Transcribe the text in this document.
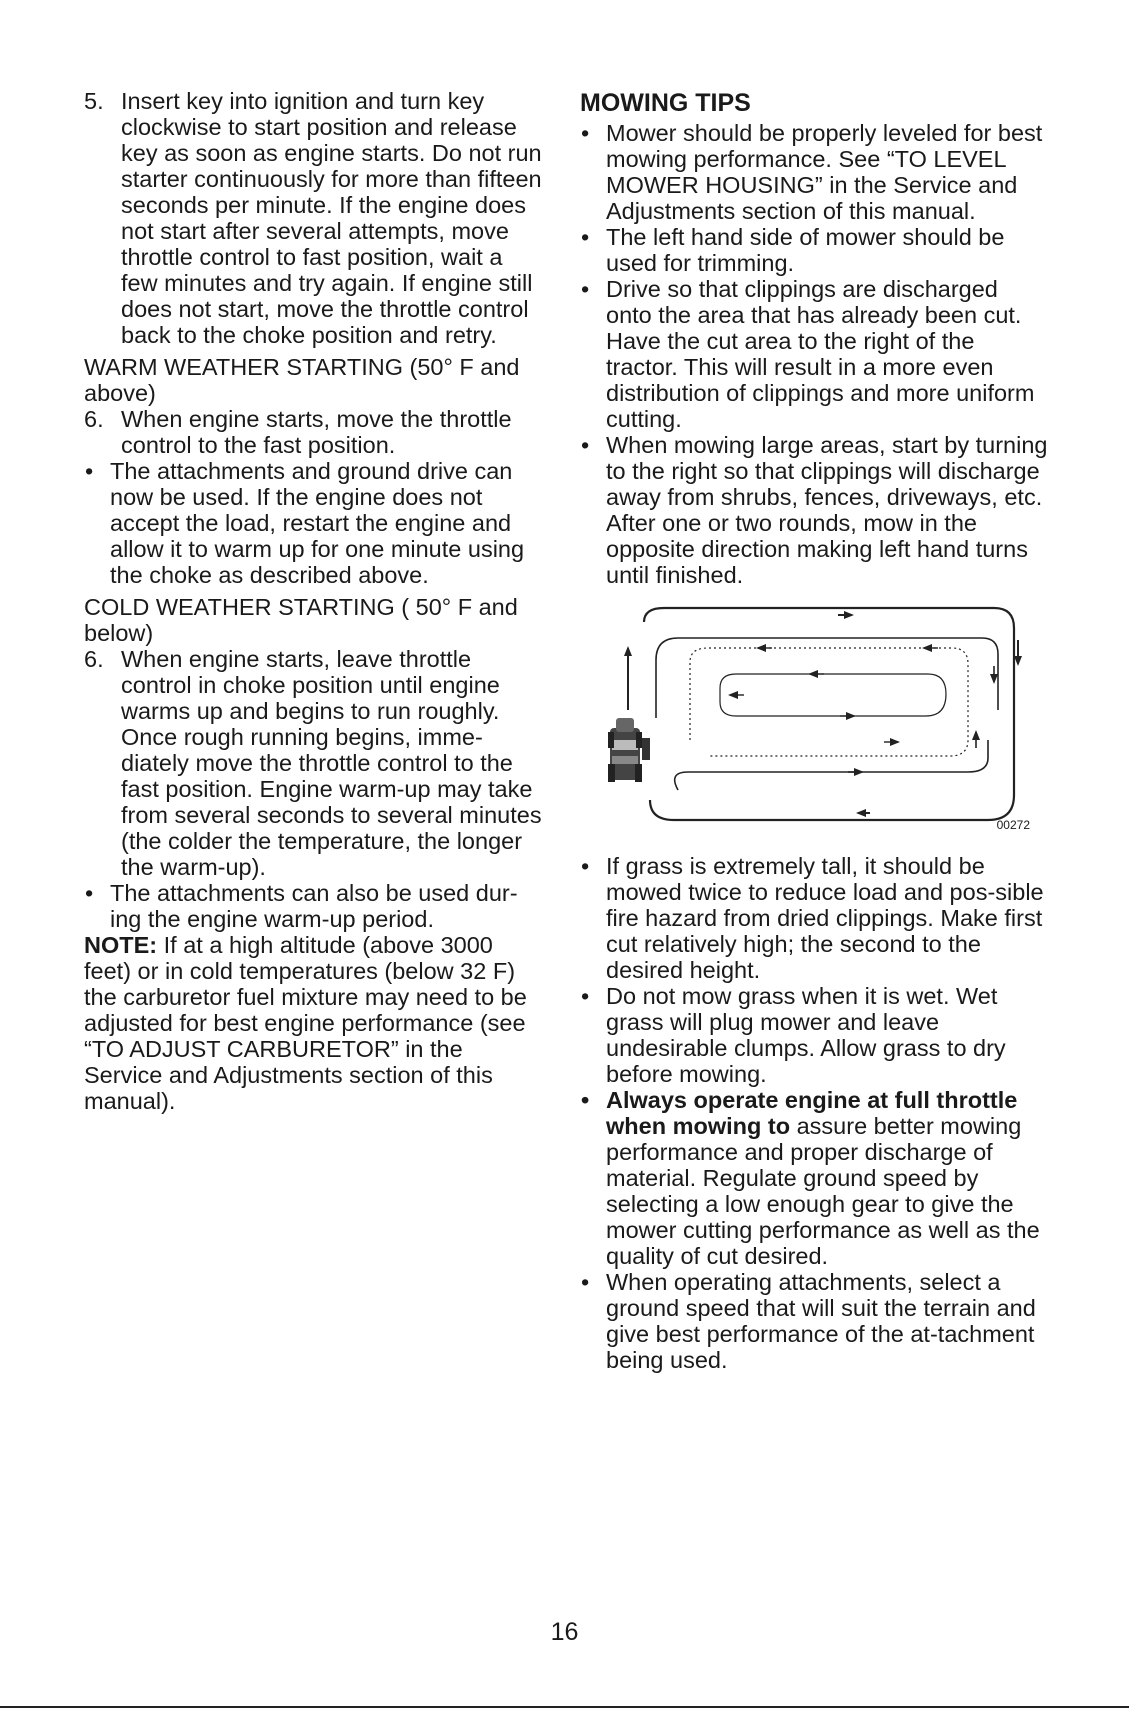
5. Insert key into ignition and turn key clockwise to start position and release key as soon as engine starts. Do not run starter continuously for more than fifteen seconds per minute. If the engine does not start after several attempts, move throttle control to fast position, wait a few minutes and try again. If engine still does not start, move the throttle control back to the choke position and retry.

WARM WEATHER STARTING (50° F and above)

6. When engine starts, move the throttle control to the fast position.
• The attachments and ground drive can now be used. If the engine does not accept the load, restart the engine and allow it to warm up for one minute using the choke as described above.

COLD WEATHER STARTING ( 50° F and below)

6. When engine starts, leave throttle control in choke position until engine warms up and begins to run roughly. Once rough running begins, imme-diately move the throttle control to the fast position. Engine warm-up may take from several seconds to several minutes (the colder the temperature, the longer the warm-up).
• The attachments can also be used dur-ing the engine warm-up period.

NOTE: If at a high altitude (above 3000 feet) or in cold temperatures (below 32 F) the carburetor fuel mixture may need to be adjusted for best engine performance (see “TO ADJUST CARBURETOR” in the Service and Adjustments section of this manual).

MOWING TIPS
• Mower should be properly leveled for best mowing performance. See “TO LEVEL MOWER HOUSING” in the Service and Adjustments section of this manual.
• The left hand side of mower should be used for trimming.
• Drive so that clippings are discharged onto the area that has already been cut. Have the cut area to the right of the tractor. This will result in a more even distribution of clippings and more uniform cutting.
• When mowing large areas, start by turning to the right so that clippings will discharge away from shrubs, fences, driveways, etc. After one or two rounds, mow in the opposite direction making left hand turns until finished.
00272
• If grass is extremely tall, it should be mowed twice to reduce load and pos-sible fire hazard from dried clippings. Make first cut relatively high; the second to the desired height.
• Do not mow grass when it is wet. Wet grass will plug mower and leave undesirable clumps. Allow grass to dry before mowing.
• Always operate engine at full throttle when mowing to assure better mowing performance and proper discharge of material. Regulate ground speed by selecting a low enough gear to give the mower cutting performance as well as the quality of cut desired.
• When operating attachments, select a ground speed that will suit the terrain and give best performance of the at-tachment being used.
16
